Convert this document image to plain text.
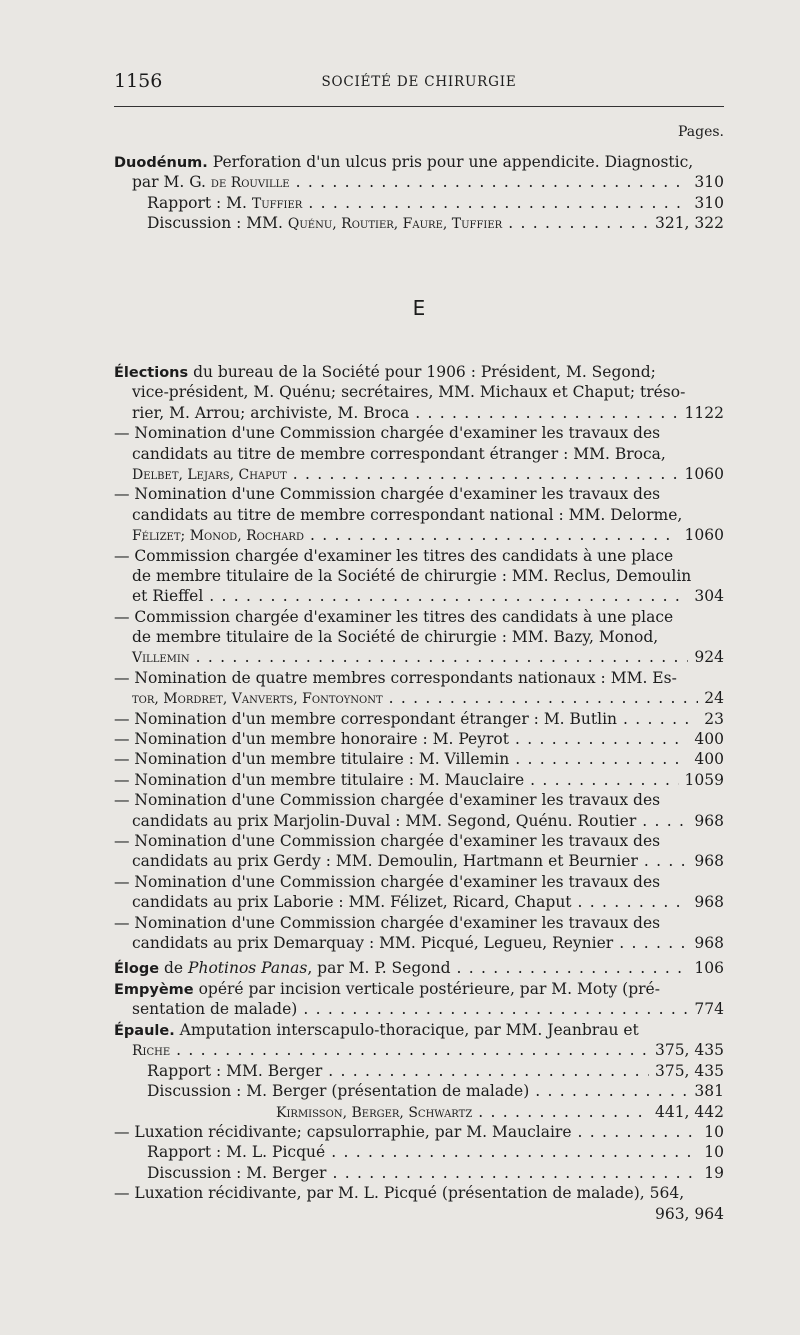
1156	SOCIÉTÉ DE CHIRURGIE
Pages.
Duodénum. Perforation d'un ulcus pris pour une appendicite. Diagnostic,
par M. G. de Rouville . . .	310
Rapport : M. Tuffier . . .	310
Discussion : MM. Quénu, Routier, Faure, Tuffier . . .	321, 322
E
Élections du bureau de la Société pour 1906 : Président, M. Segond;
vice-président, M. Quénu; secrétaires, MM. Michaux et Chaput; tréso-
rier, M. Arrou; archiviste, M. Broca . . .	1122
— Nomination d'une Commission chargée d'examiner les travaux des
candidats au titre de membre correspondant étranger : MM. Broca,
Delbet, Lejars, Chaput . . .	1060
— Nomination d'une Commission chargée d'examiner les travaux des
candidats au titre de membre correspondant national : MM. Delorme,
Félizet; Monod, Rochard . . .	1060
— Commission chargée d'examiner les titres des candidats à une place
de membre titulaire de la Société de chirurgie : MM. Reclus, Demoulin
et Rieffel . . .	304
— Commission chargée d'examiner les titres des candidats à une place
de membre titulaire de la Société de chirurgie : MM. Bazy, Monod,
Villemin . . .	924
— Nomination de quatre membres correspondants nationaux : MM. Es-
tor, Mordret, Vanverts, Fontoynont . . .	24
— Nomination d'un membre correspondant étranger : M. Butlin . . .	23
— Nomination d'un membre honoraire : M. Peyrot . . .	400
— Nomination d'un membre titulaire : M. Villemin . . .	400
— Nomination d'un membre titulaire : M. Mauclaire . . .	1059
— Nomination d'une Commission chargée d'examiner les travaux des
candidats au prix Marjolin-Duval : MM. Segond, Quénu. Routier . . .	968
— Nomination d'une Commission chargée d'examiner les travaux des
candidats au prix Gerdy : MM. Demoulin, Hartmann et Beurnier . . .	968
— Nomination d'une Commission chargée d'examiner les travaux des
candidats au prix Laborie : MM. Félizet, Ricard, Chaput . . .	968
— Nomination d'une Commission chargée d'examiner les travaux des
candidats au prix Demarquay : MM. Picqué, Legueu, Reynier . . .	968
Éloge de Photinos Panas, par M. P. Segond . . .	106
Empyème opéré par incision verticale postérieure, par M. Moty (pré-
sentation de malade) . . .	774
Épaule. Amputation interscapulo-thoracique, par MM. Jeanbrau et
Riche . . .	375, 435
Rapport : MM. Berger . . .	375, 435
Discussion : M. Berger (présentation de malade) . . .	381
Kirmisson, Berger, Schwartz . . .	441, 442
— Luxation récidivante; capsulorraphie, par M. Mauclaire . . .	10
Rapport : M. L. Picqué . . .	10
Discussion : M. Berger . . .	19
— Luxation récidivante, par M. L. Picqué (présentation de malade), 564,
963, 964
